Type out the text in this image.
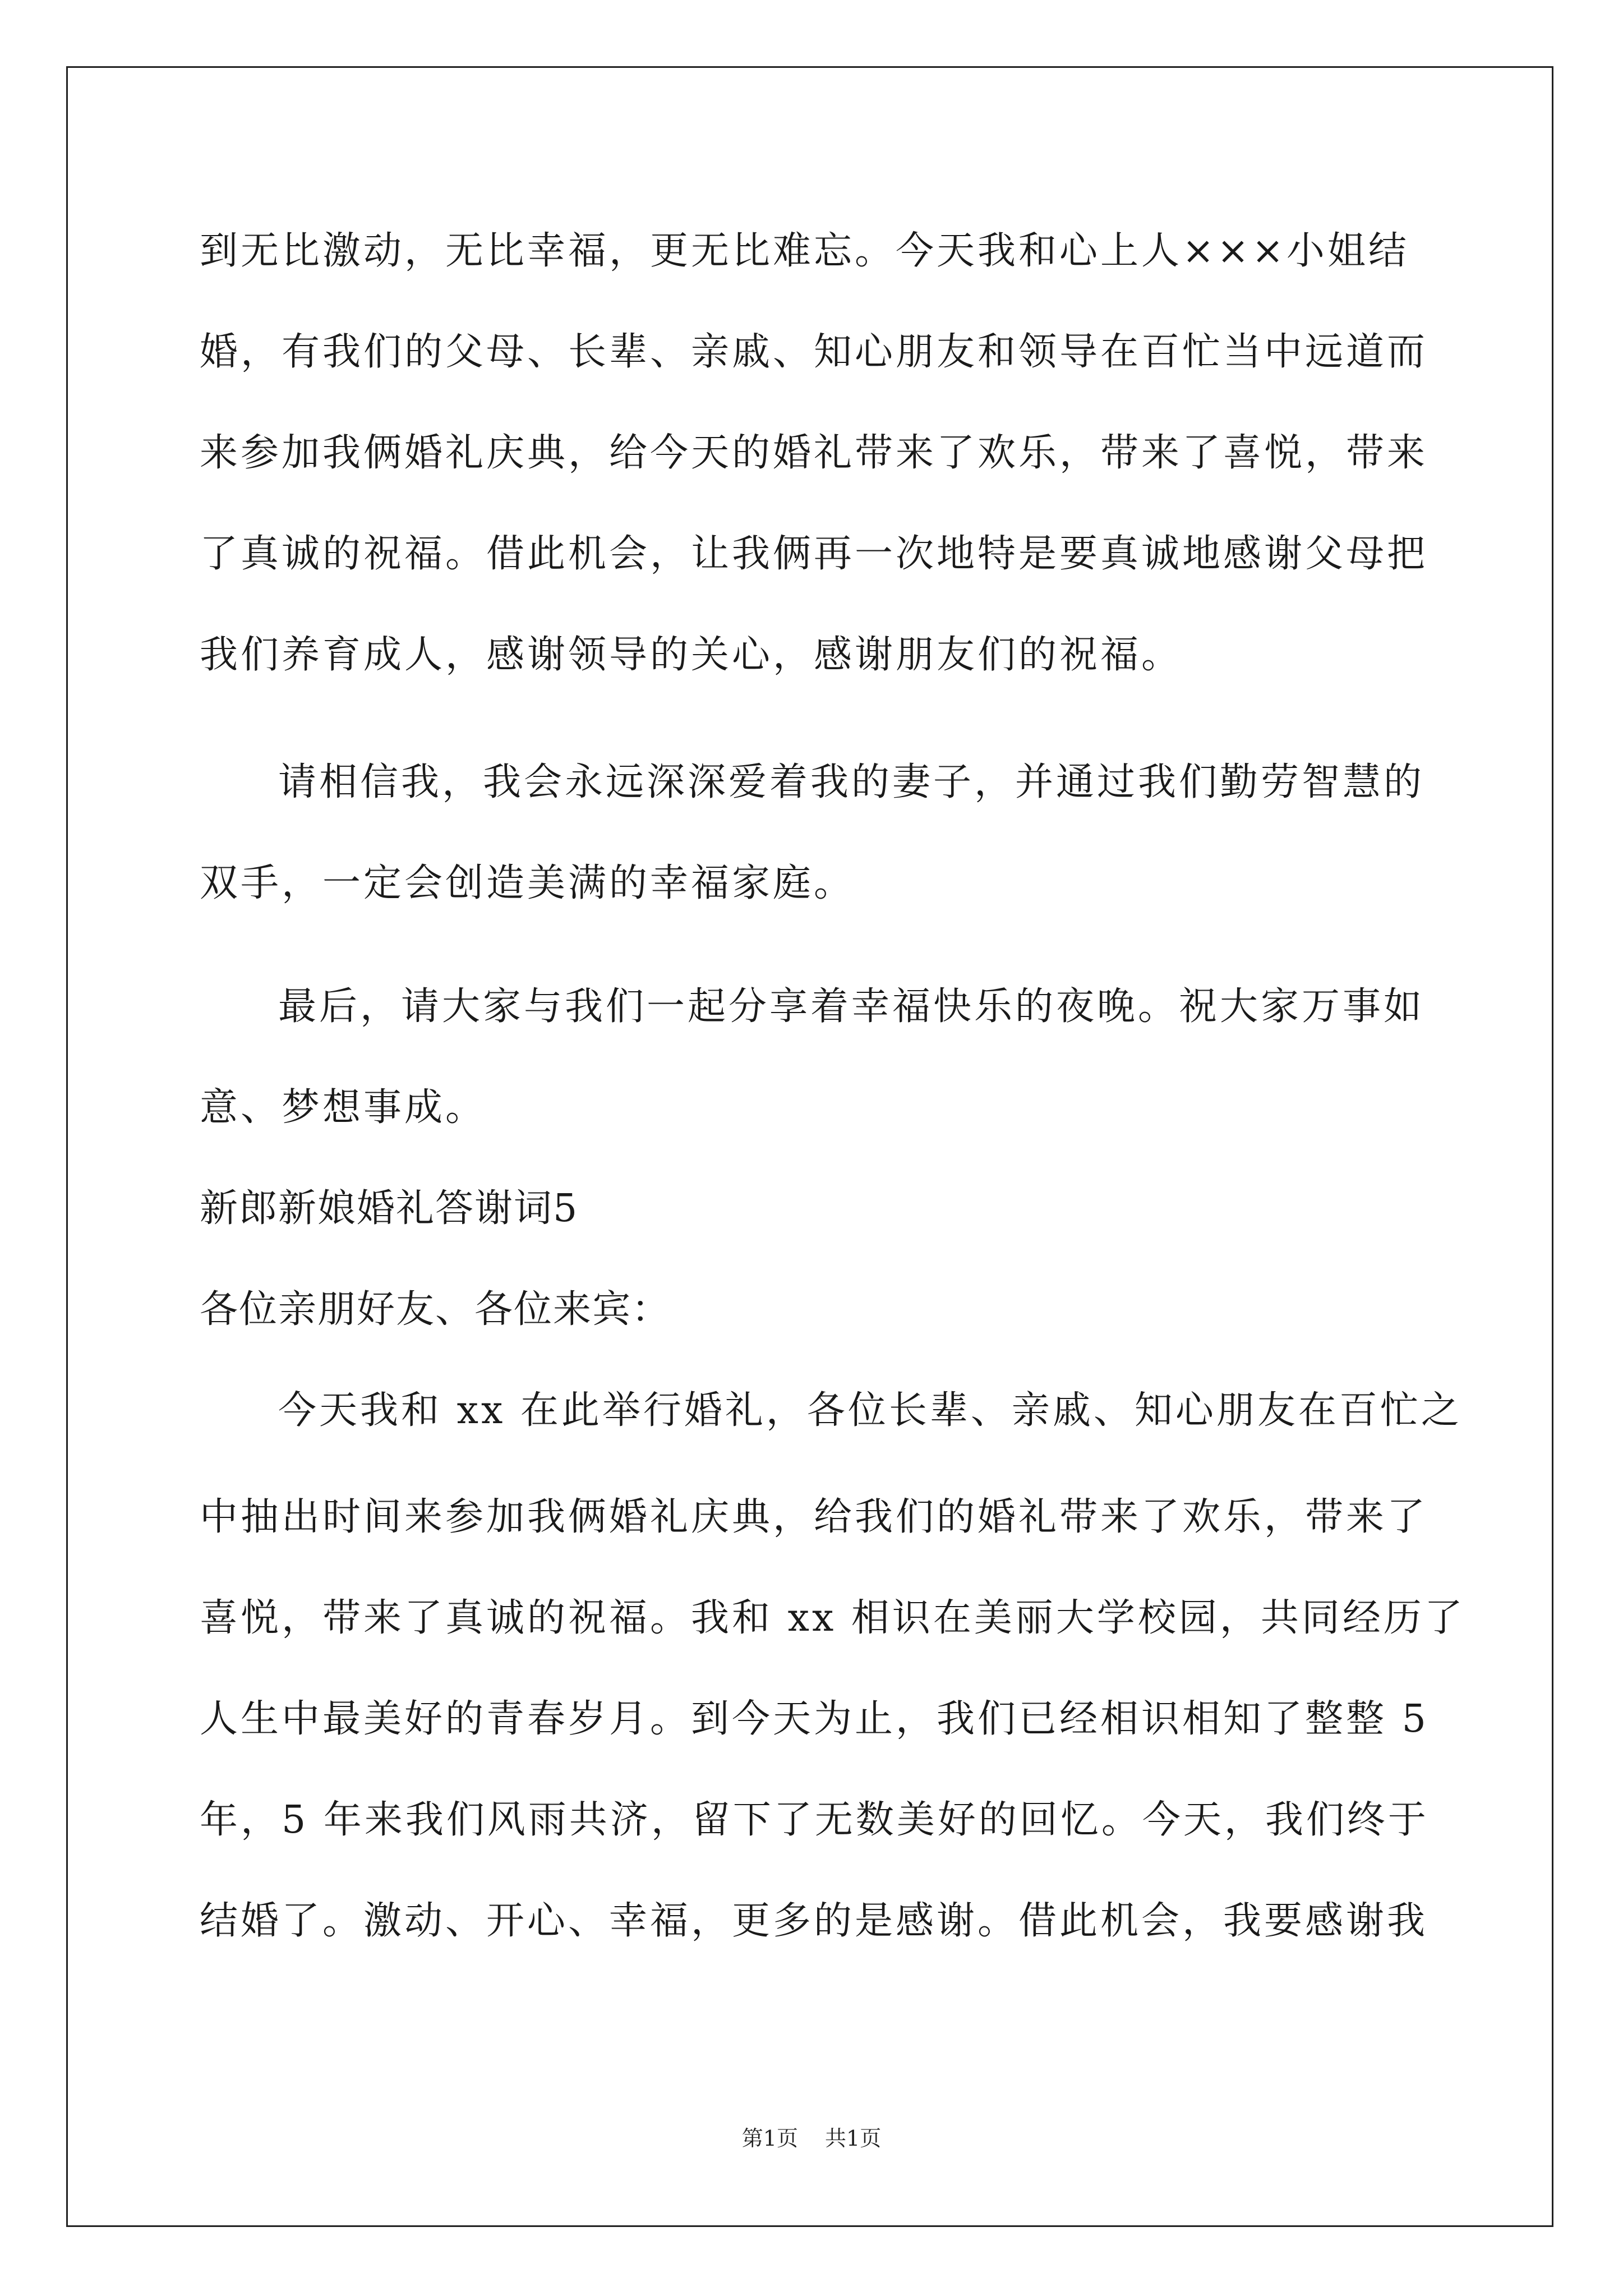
到无比激动，无比幸福，更无比难忘。今天我和心上人×××小姐结
婚，有我们的父母、长辈、亲戚、知心朋友和领导在百忙当中远道而
来参加我俩婚礼庆典，给今天的婚礼带来了欢乐，带来了喜悦，带来
了真诚的祝福。借此机会，让我俩再一次地特是要真诚地感谢父母把
我们养育成人，感谢领导的关心，感谢朋友们的祝福。
请相信我，我会永远深深爱着我的妻子，并通过我们勤劳智慧的
双手，一定会创造美满的幸福家庭。
最后，请大家与我们一起分享着幸福快乐的夜晚。祝大家万事如
意、梦想事成。
新郎新娘婚礼答谢词5
各位亲朋好友、各位来宾：
今天我和 xx 在此举行婚礼，各位长辈、亲戚、知心朋友在百忙之
中抽出时间来参加我俩婚礼庆典，给我们的婚礼带来了欢乐，带来了
喜悦，带来了真诚的祝福。我和 xx 相识在美丽大学校园，共同经历了
人生中最美好的青春岁月。到今天为止，我们已经相识相知了整整 5
年，5 年来我们风雨共济，留下了无数美好的回忆。今天，我们终于
结婚了。激动、开心、幸福，更多的是感谢。借此机会，我要感谢我
第1页 共1页
